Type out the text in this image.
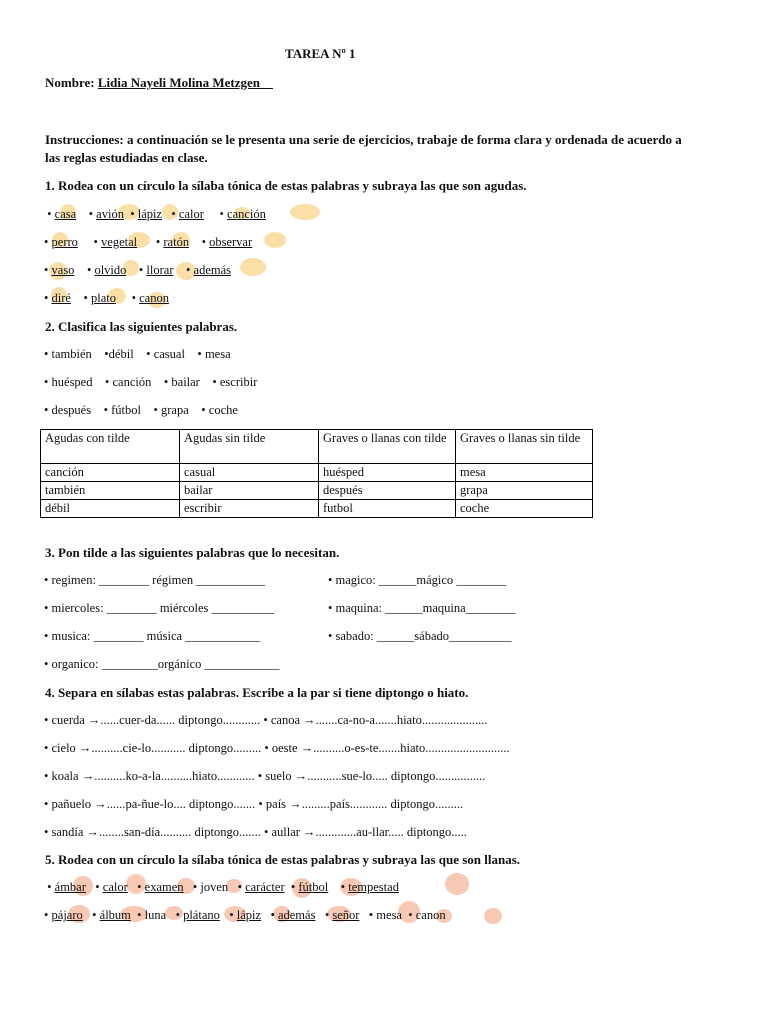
TAREA Nº 1
Nombre: Lidia Nayeli Molina Metzgen
Instrucciones: a continuación se le presenta una serie de ejercicios, trabaje de forma clara y ordenada de acuerdo a
las reglas estudiadas en clase.
1. Rodea con un círculo la sílaba tónica de estas palabras y subraya las que son agudas.
• casa    • avión  • lápiz   • calor     • canción
• perro     • vegetal      • ratón    • observar
• vaso    • olvido    • llorar    • además
• diré    • plato     • canon
2. Clasifica las siguientes palabras.
• también    •débil    • casual    • mesa
• huésped    • canción    • bailar    • escribir
• después    • fútbol    • grapa    • coche
Agudas con tilde	Agudas sin tilde	Graves o llanas con tilde	Graves o llanas sin tilde
canción	casual	huésped	mesa
también	bailar	después	grapa
débil	escribir	futbol	coche
3. Pon tilde a las siguientes palabras que lo necesitan.
• regimen: ________ régimen ___________	• magico: ______mágico ________
• miercoles: ________ miércoles __________	• maquina: ______maquina________
• musica: ________ música ____________	• sabado: ______sábado__________
• organico: _________orgánico ____________
4. Separa en sílabas estas palabras. Escribe a la par si tiene diptongo o hiato.
• cuerda →......cuer-da...... diptongo............ • canoa →.......ca-no-a.......hiato.....................
• cielo →..........cie-lo........... diptongo......... • oeste →..........o-es-te.......hiato...........................
• koala →..........ko-a-la..........hiato............ • suelo →...........sue-lo..... diptongo................
• pañuelo →......pa-ñue-lo.... diptongo....... • país →.........país............ diptongo.........
• sandía →........san-día.......... diptongo....... • aullar →.............au-llar..... diptongo.....
5. Rodea con un círculo la sílaba tónica de estas palabras y subraya las que son llanas.
• ámbar   • calor   • examen   • joven   • carácter  • fútbol    • tempestad
• pájaro   • álbum  • luna   • plátano   • lápiz   • además   • señor   • mesa  • canon
